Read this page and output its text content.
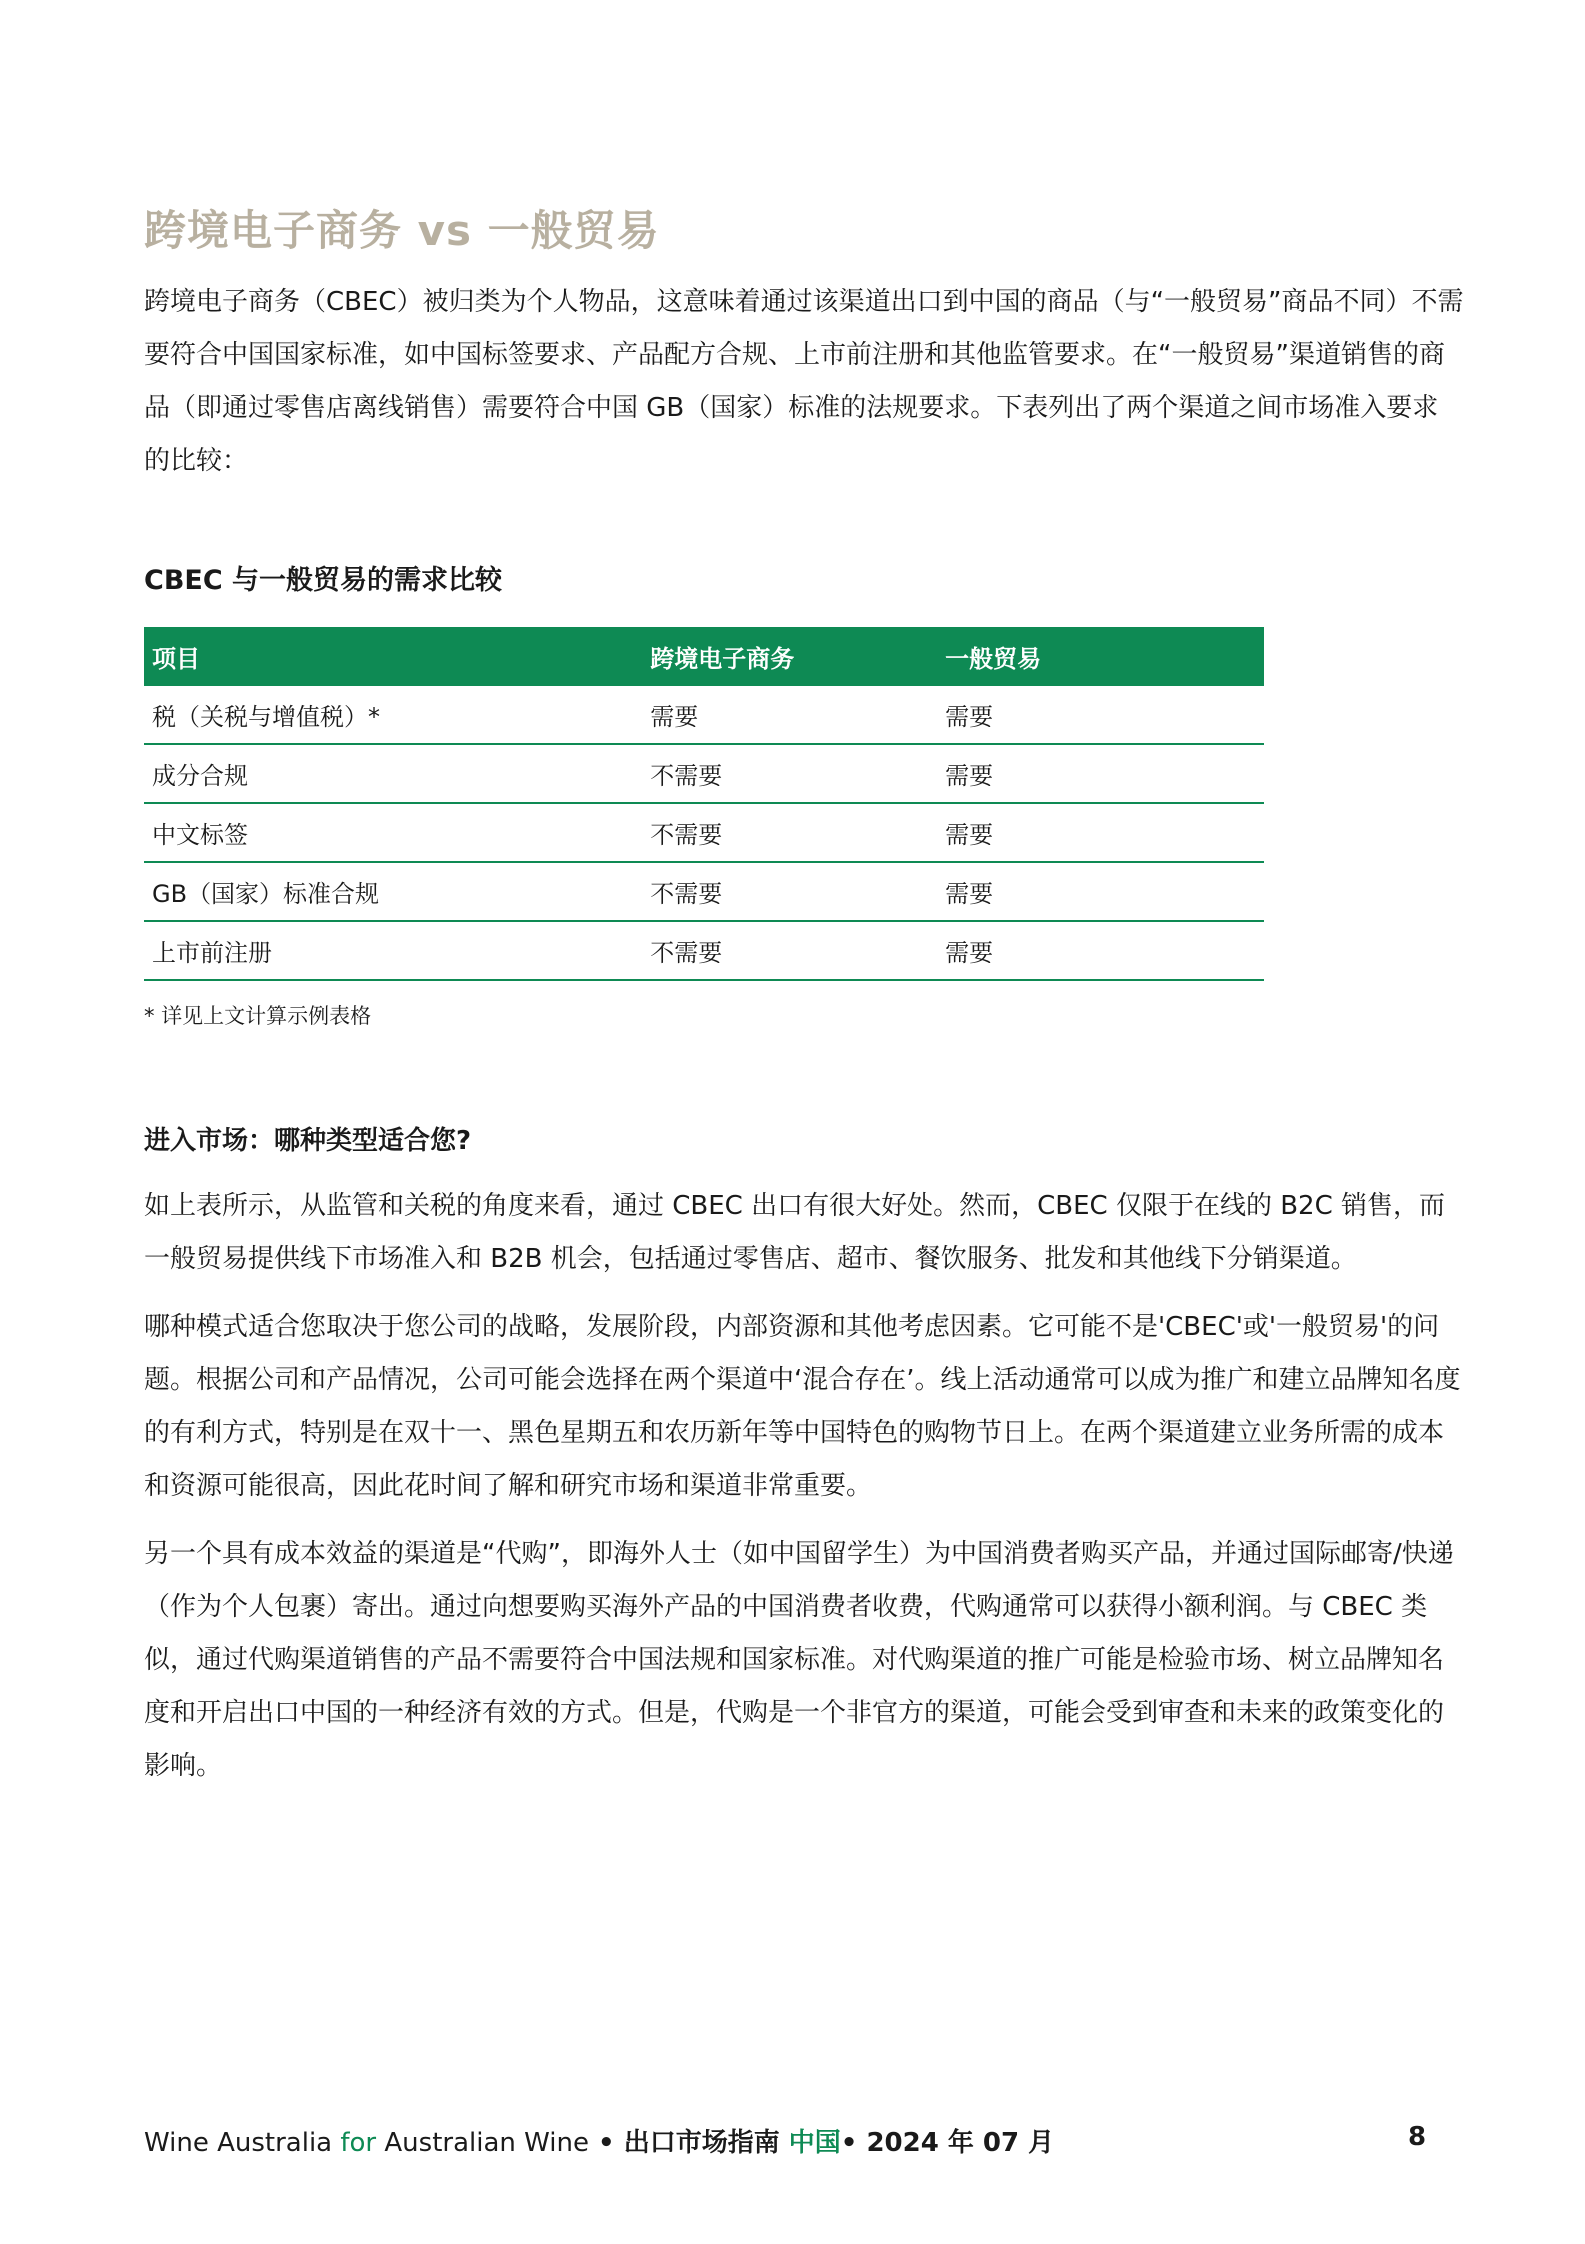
跨境电子商务 vs 一般贸易

跨境电子商务（CBEC）被归类为个人物品，这意味着通过该渠道出口到中国的商品（与“一般贸易”商品不同）不需要符合中国国家标准，如中国标签要求、产品配方合规、上市前注册和其他监管要求。在“一般贸易”渠道销售的商品（即通过零售店离线销售）需要符合中国 GB（国家）标准的法规要求。下表列出了两个渠道之间市场准入要求的比较：

CBEC 与一般贸易的需求比较
项目	跨境电子商务	一般贸易
税（关税与增值税）*	需要	需要
成分合规	不需要	需要
中文标签	不需要	需要
GB（国家）标准合规	不需要	需要
上市前注册	不需要	需要

* 详见上文计算示例表格

进入市场：哪种类型适合您?

如上表所示，从监管和关税的角度来看，通过 CBEC 出口有很大好处。然而，CBEC 仅限于在线的 B2C 销售，而一般贸易提供线下市场准入和 B2B 机会，包括通过零售店、超市、餐饮服务、批发和其他线下分销渠道。

哪种模式适合您取决于您公司的战略，发展阶段，内部资源和其他考虑因素。它可能不是'CBEC'或'一般贸易'的问题。根据公司和产品情况，公司可能会选择在两个渠道中‘混合存在’。线上活动通常可以成为推广和建立品牌知名度的有利方式，特别是在双十一、黑色星期五和农历新年等中国特色的购物节日上。在两个渠道建立业务所需的成本和资源可能很高，因此花时间了解和研究市场和渠道非常重要。

另一个具有成本效益的渠道是“代购”，即海外人士（如中国留学生）为中国消费者购买产品，并通过国际邮寄/快递（作为个人包裹）寄出。通过向想要购买海外产品的中国消费者收费，代购通常可以获得小额利润。与 CBEC 类似，通过代购渠道销售的产品不需要符合中国法规和国家标准。对代购渠道的推广可能是检验市场、树立品牌知名度和开启出口中国的一种经济有效的方式。但是，代购是一个非官方的渠道，可能会受到审查和未来的政策变化的影响。

Wine Australia for Australian Wine • 出口市场指南 中国• 2024 年 07 月	8
